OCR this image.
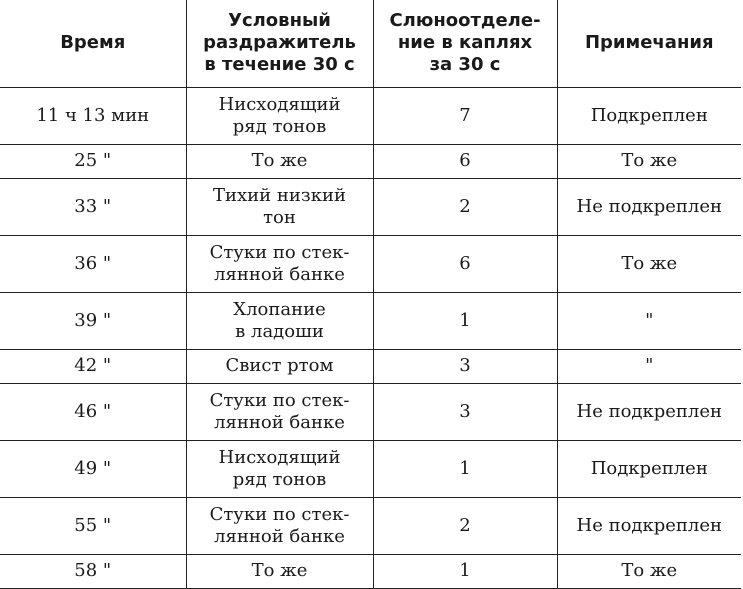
Время	Условный
раздражитель
в течение 30 с	Слюноотделе-
ние в каплях
за 30 с	Примечания
11 ч 13 мин	Нисходящий
ряд тонов	7	Подкреплен
25 "	То же	6	То же
33 "	Тихий низкий
тон	2	Не подкреплен
36 "	Стуки по стек-
лянной банке	6	То же
39 "	Хлопание
в ладоши	1	"
42 "	Свист ртом	3	"
46 "	Стуки по стек-
лянной банке	3	Не подкреплен
49 "	Нисходящий
ряд тонов	1	Подкреплен
55 "	Стуки по стек-
лянной банке	2	Не подкреплен
58 "	То же	1	То же
